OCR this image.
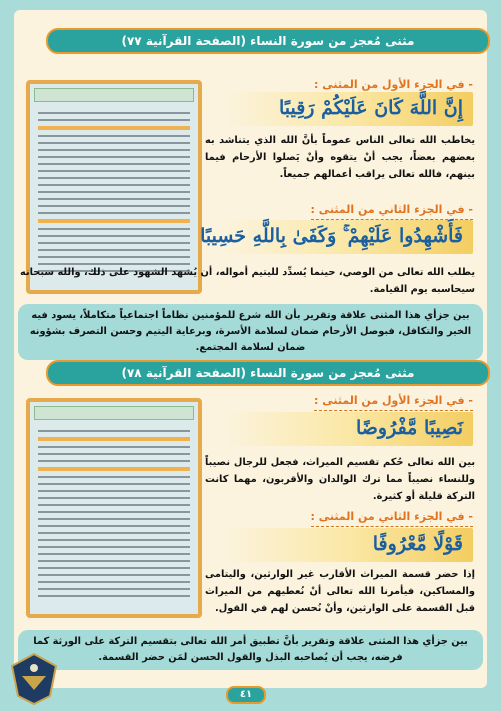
مثنى مُعجز من سورة النساء (الصفحة القرآنية ٧٧)
- في الجزء الأول من المثنى :
إِنَّ اللَّهَ كَانَ عَلَيْكُمْ رَقِيبًا
يخاطب الله تعالى الناس عموماً بأنَّ الله الذي يتناشد به بعضهم بعضاً، يجب أنْ يتقوه وأنْ يَصلوا الأرحام فيما بينهم، فالله تعالى يراقب أعمالهم جميعاً.
- في الجزء الثاني من المثنى :
فَأَشْهِدُوا عَلَيْهِمْ ۚ وَكَفَىٰ بِاللَّهِ حَسِيبًا
يطلب الله تعالى من الوصي، حينما يُسدِّد لليتيم أمواله، أن يُشهد الشهود على ذلك، والله سبحانه سيحاسبه يوم القيامة.
بين جزأي هذا المثنى علاقة وتقرير بأن الله شرع للمؤمنين نظاماً اجتماعياً متكاملاً، يسود فيه الخير والتكافل، فبوصل الأرحام ضمان لسلامة الأسرة، وبرعاية اليتيم وحسن التصرف بشؤونه ضمان لسلامة المجتمع.
مثنى مُعجز من سورة النساء (الصفحة القرآنية ٧٨)
- في الجزء الأول من المثنى :
نَصِيبًا مَّفْرُوضًا
بين الله تعالى حُكم تقسيم الميراث، فجعل للرجال نصيباً وللنساء نصيباً مما ترك الوالدان والأقربون، مهما كانت التركة قليلة أو كثيرة.
- في الجزء الثاني من المثنى :
قَوْلًا مَّعْرُوفًا
إذا حضر قسمة الميراث الأقارب غير الوارثين، واليتامى والمساكين، فيأمرنا الله تعالى أنْ نُعطيهم من الميراث قبل القسمة على الوارثين، وأنْ نُحسن لهم في القول.
بين جزأي هذا المثنى علاقة وتقرير بأنَّ تطبيق أمر الله تعالى بتقسيم التركة على الورثة كما فرضه، يجب أن يُصاحبه البذل والقول الحسن لمَن حضر القسمة.
٤١
